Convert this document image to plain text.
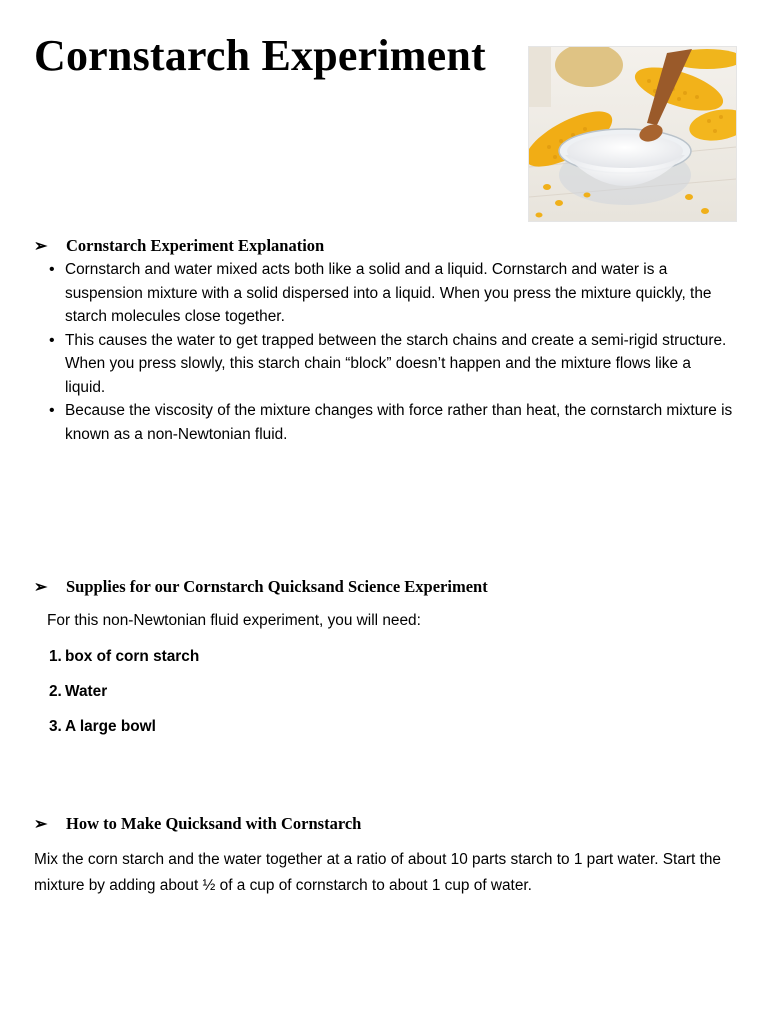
Cornstarch Experiment
➢ Cornstarch Experiment Explanation
• Cornstarch and water mixed acts both like a solid and a liquid. Cornstarch and water is a suspension mixture with a solid dispersed into a liquid. When you press the mixture quickly, the starch molecules close together.
• This causes the water to get trapped between the starch chains and create a semi-rigid structure. When you press slowly, this starch chain “block” doesn’t happen and the mixture flows like a liquid.
• Because the viscosity of the mixture changes with force rather than heat, the cornstarch mixture is known as a non-Newtonian fluid.
➢ Supplies for our Cornstarch Quicksand Science Experiment
For this non-Newtonian fluid experiment, you will need:
1. box of corn starch
2. Water
3. A large bowl
➢ How to Make Quicksand with Cornstarch
Mix the corn starch and the water together at a ratio of about 10 parts starch to 1 part water. Start the mixture by adding about ½ of a cup of cornstarch to about 1 cup of water.
